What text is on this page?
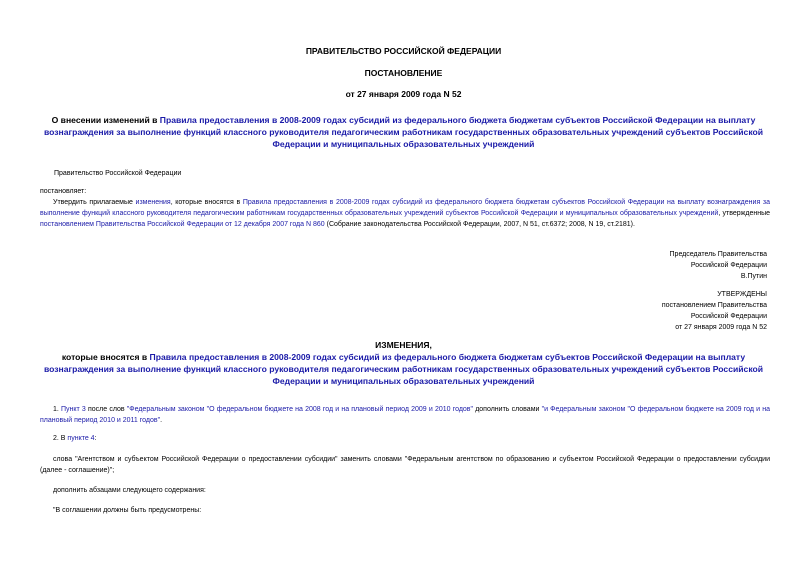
ПРАВИТЕЛЬСТВО РОССИЙСКОЙ ФЕДЕРАЦИИ
ПОСТАНОВЛЕНИЕ
от 27 января 2009 года N 52
О внесении изменений в Правила предоставления в 2008-2009 годах субсидий из федерального бюджета бюджетам субъектов Российской Федерации на выплату вознаграждения за выполнение функций классного руководителя педагогическим работникам государственных образовательных учреждений субъектов Российской Федерации и муниципальных образовательных учреждений
Правительство Российской Федерации
постановляет:
Утвердить прилагаемые изменения, которые вносятся в Правила предоставления в 2008-2009 годах субсидий из федерального бюджета бюджетам субъектов Российской Федерации на выплату вознаграждения за выполнение функций классного руководителя педагогическим работникам государственных образовательных учреждений субъектов Российской Федерации и муниципальных образовательных учреждений, утвержденные постановлением Правительства Российской Федерации от 12 декабря 2007 года N 860 (Собрание законодательства Российской Федерации, 2007, N 51, ст.6372; 2008, N 19, ст.2181).
Председатель Правительства
Российской Федерации
В.Путин
УТВЕРЖДЕНЫ
постановлением Правительства
Российской Федерации
от 27 января 2009 года N 52
ИЗМЕНЕНИЯ,
которые вносятся в Правила предоставления в 2008-2009 годах субсидий из федерального бюджета бюджетам субъектов Российской Федерации на выплату вознаграждения за выполнение функций классного руководителя педагогическим работникам государственных образовательных учреждений субъектов Российской Федерации и муниципальных образовательных учреждений
1. Пункт 3 после слов "Федеральным законом "О федеральном бюджете на 2008 год и на плановый период 2009 и 2010 годов" дополнить словами "и Федеральным законом "О федеральном бюджете на 2009 год и на плановый период 2010 и 2011 годов".
2. В пункте 4:
слова "Агентством и субъектом Российской Федерации о предоставлении субсидии" заменить словами "Федеральным агентством по образованию и субъектом Российской Федерации о предоставлении субсидии (далее - соглашение)";
дополнить абзацами следующего содержания:
"В соглашении должны быть предусмотрены:
